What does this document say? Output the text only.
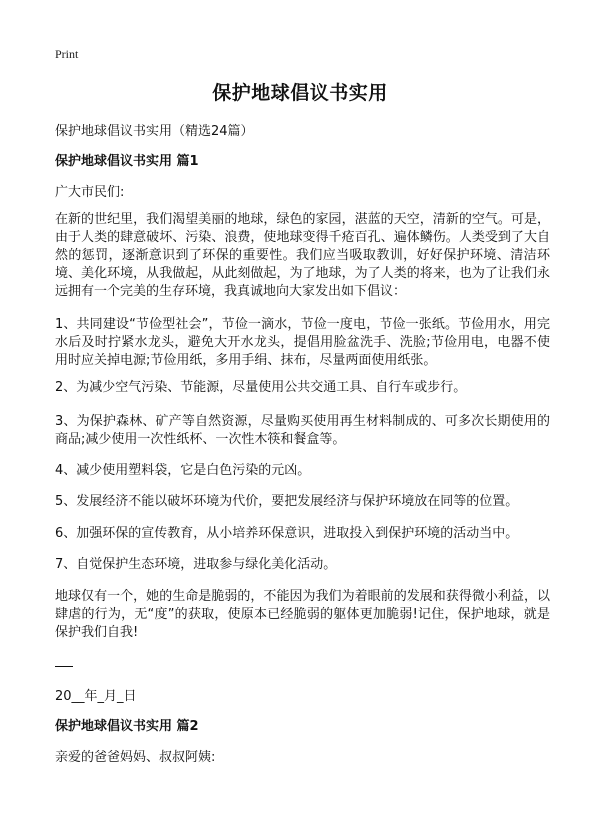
Print
保护地球倡议书实用
保护地球倡议书实用（精选24篇）
保护地球倡议书实用 篇1
广大市民们:
在新的世纪里，我们渴望美丽的地球，绿色的家园，湛蓝的天空，清新的空气。可是，由于人类的肆意破坏、污染、浪费，使地球变得千疮百孔、遍体鳞伤。人类受到了大自然的惩罚，逐渐意识到了环保的重要性。我们应当吸取教训，好好保护环境、清洁环境、美化环境，从我做起，从此刻做起，为了地球，为了人类的将来，也为了让我们永远拥有一个完美的生存环境，我真诚地向大家发出如下倡议：
1、共同建设“节俭型社会”，节俭一滴水，节俭一度电，节俭一张纸。节俭用水，用完水后及时拧紧水龙头，避免大开水龙头，提倡用脸盆洗手、洗脸;节俭用电，电器不使用时应关掉电源;节俭用纸，多用手绢、抹布，尽量两面使用纸张。
2、为减少空气污染、节能源，尽量使用公共交通工具、自行车或步行。
3、为保护森林、矿产等自然资源，尽量购买使用再生材料制成的、可多次长期使用的商品;减少使用一次性纸杯、一次性木筷和餐盒等。
4、减少使用塑料袋，它是白色污染的元凶。
5、发展经济不能以破坏环境为代价，要把发展经济与保护环境放在同等的位置。
6、加强环保的宣传教育，从小培养环保意识，进取投入到保护环境的活动当中。
7、自觉保护生态环境，进取参与绿化美化活动。
地球仅有一个，她的生命是脆弱的，不能因为我们为着眼前的发展和获得微小利益，以肆虐的行为，无“度”的获取，使原本已经脆弱的躯体更加脆弱!记住，保护地球，就是保护我们自我!
20__年_月_日
保护地球倡议书实用 篇2
亲爱的爸爸妈妈、叔叔阿姨:
